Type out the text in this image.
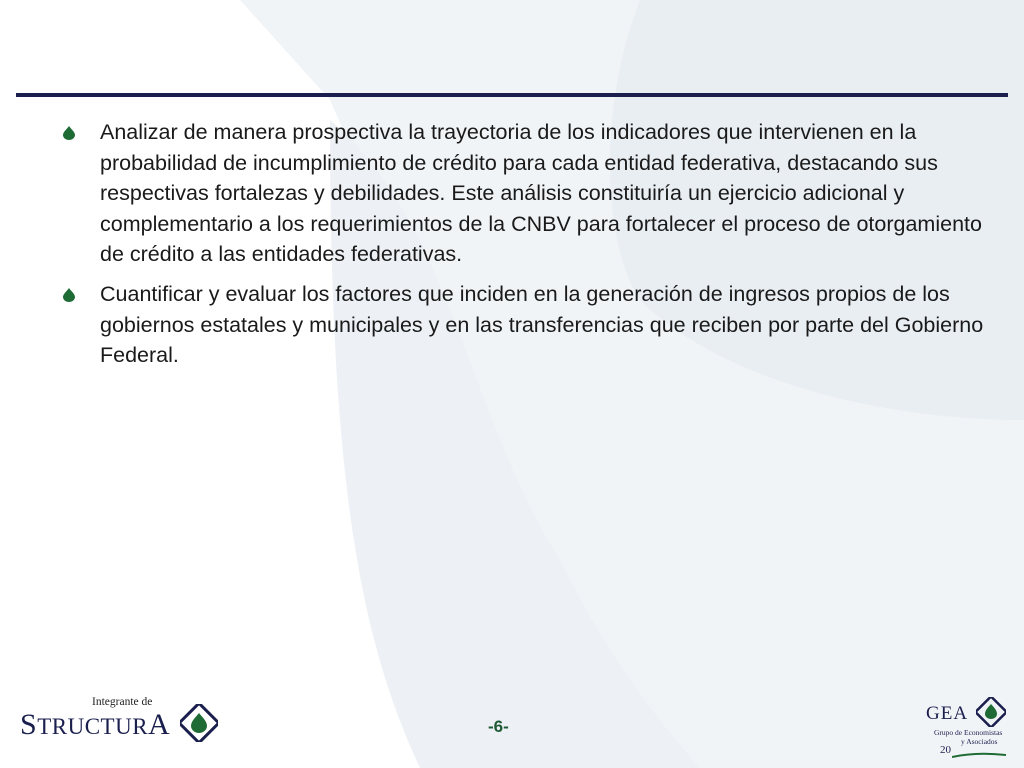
Analizar de manera prospectiva la trayectoria de los indicadores que intervienen en la probabilidad de incumplimiento de crédito para cada entidad federativa, destacando sus respectivas fortalezas y debilidades. Este análisis constituiría un ejercicio adicional y complementario a los requerimientos de la CNBV para fortalecer el proceso de otorgamiento de crédito a las entidades federativas.
Cuantificar y evaluar los factores que inciden en la generación de ingresos propios de los gobiernos estatales y municipales y en las transferencias que reciben por parte del Gobierno Federal.
Integrante de
STRUCTURA	-6-
GEA
Grupo de Economistas
y Asociados
20
